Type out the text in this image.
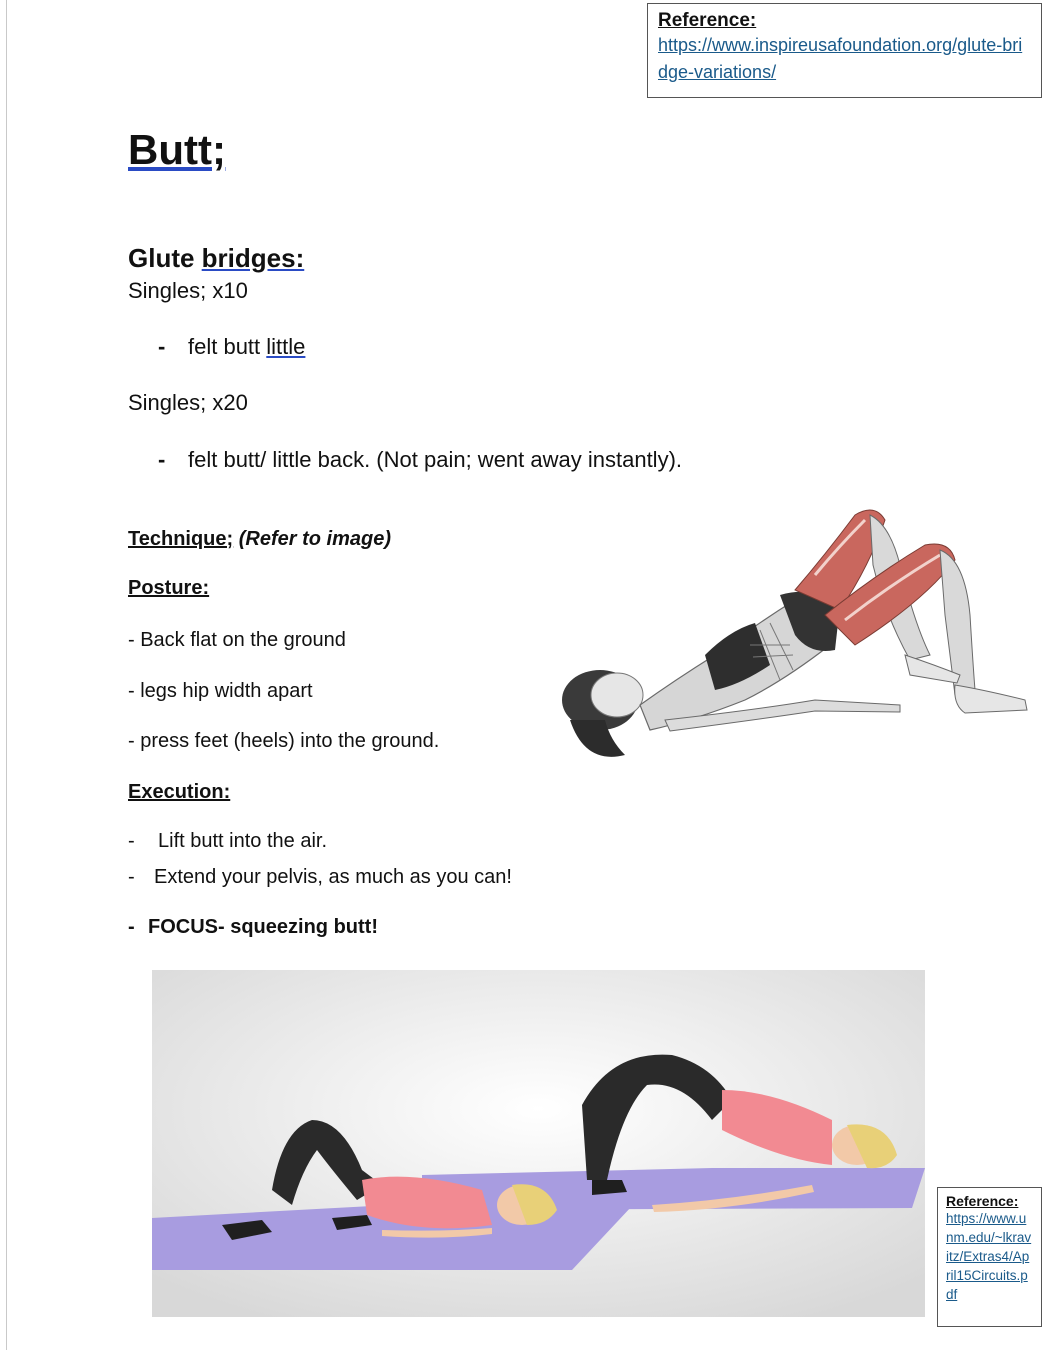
Reference:
https://www.inspireusafoundation.org/glute-bridge-variations/
Butt;
Glute bridges:

Singles; x10

- felt butt little

Singles; x20

- felt butt/ little back. (Not pain; went away instantly).

Technique; (Refer to image)

Posture:

- Back flat on the ground

- legs hip width apart

- press feet (heels) into the ground.

Execution:

- Lift butt into the air.

- Extend your pelvis, as much as you can!

- FOCUS- squeezing butt!

Reference:
https://www.unm.edu/~lkravitz/Extras4/April15Circuits.pdf
